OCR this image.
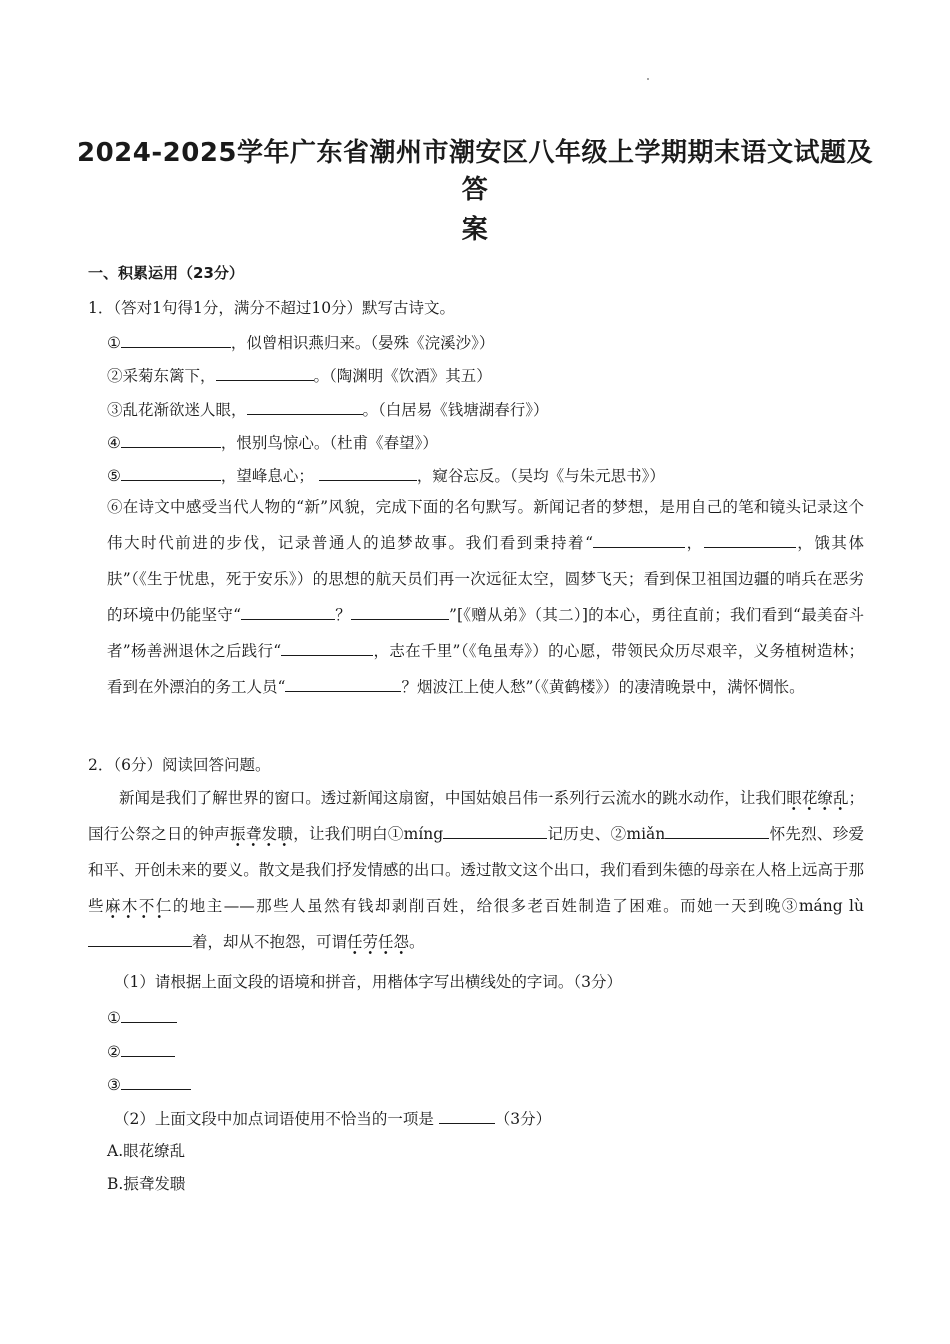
2024-2025学年广东省潮州市潮安区八年级上学期期末语文试题及答
案
一、积累运用（23分）
1．（答对1句得1分，满分不超过10分）默写古诗文。
①	，似曾相识燕归来。（晏殊《浣溪沙》）
②采菊东篱下，	。（陶渊明《饮酒》其五）
③乱花渐欲迷人眼，	。（白居易《钱塘湖春行》）
④	，恨别鸟惊心。（杜甫《春望》）
⑤	，望峰息心；	，窥谷忘反。（吴均《与朱元思书》）
⑥在诗文中感受当代人物的“新”风貌，完成下面的名句默写。新闻记者的梦想，是用自己的笔和镜头记录这个伟大时代前进的步伐，记录普通人的追梦故事。我们看到秉持着“	，	，饿其体肤”（《生于忧患，死于安乐》）的思想的航天员们再一次远征太空，圆梦飞天；看到保卫祖国边疆的哨兵在恶劣的环境中仍能坚守“	？	”[《赠从弟》（其二）]的本心，勇往直前；我们看到“最美奋斗者”杨善洲退休之后践行“	，志在千里”（《龟虽寿》）的心愿，带领民众历尽艰辛，义务植树造林；看到在外漂泊的务工人员“	？烟波江上使人愁”（《黄鹤楼》）的凄清晚景中，满怀惆怅。
2．（6分）阅读回答问题。
新闻是我们了解世界的窗口。透过新闻这扇窗，中国姑娘吕伟一系列行云流水的跳水动作，让我们眼花缭乱；国行公祭之日的钟声振聋发聩，让我们明白①míng	记历史、②miǎn	怀先烈、珍爱和平、开创未来的要义。散文是我们抒发情感的出口。透过散文这个出口，我们看到朱德的母亲在人格上远高于那些麻木不仁的地主——那些人虽然有钱却剥削百姓，给很多老百姓制造了困难。而她一天到晚③máng lù着，却从不抱怨，可谓任劳任怨。
（1）请根据上面文段的语境和拼音，用楷体字写出横线处的字词。（3分）
①
②
③
（2）上面文段中加点词语使用不恰当的一项是	（3分）
A.眼花缭乱
B.振聋发聩
